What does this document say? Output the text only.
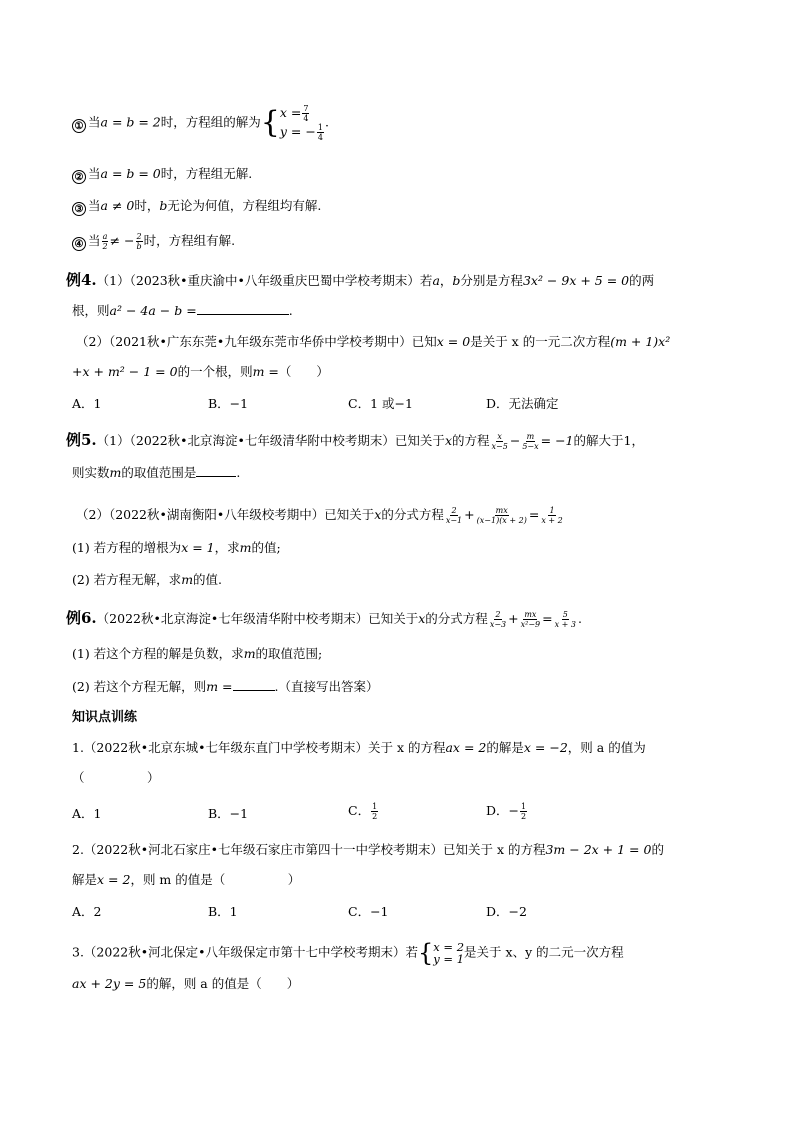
① 当a = b = 2时，方程组的解为{ $x = \frac{7}{4}$
y = − $\frac{1}{4}$
.
② 当a = b = 0时，方程组无解.
③ 当a ≠ 0时，b无论为何值，方程组均有解.
④ 当 $\frac{a}{2}$ ≠ − $\frac{2}{b}$ 时，方程组有解.
例4.（1）（2023秋•重庆渝中•八年级重庆巴蜀中学校考期末）若a，b分别是方程3x² − 9x + 5 = 0的两
根，则a² − 4a − b =	.
（2）（2021秋•广东东莞•九年级东莞市华侨中学校考期中）已知x = 0是关于 x 的一元二次方程(m + 1)x²
+x + m² − 1 = 0的一个根，则m =（　　）
A．1	B．−1	C．1 或−1	D．无法确定
例5.（1）（2022秋•北京海淀•七年级清华附中校考期末）已知关于x的方程 $\frac{x}{x-5} - \frac{m}{5-x} = -1$的解大于1，
则实数m的取值范围是	.
（2）（2022秋•湖南衡阳•八年级校考期中）已知关于x的分式方程 $\frac{2}{x-1} + \frac{mx}{(x-1)(x + 2)} = \frac{1}{x + 2}$
(1) 若方程的增根为x = 1，求m的值;
(2) 若方程无解，求m的值.
例6.（2022秋•北京海淀•七年级清华附中校考期末）已知关于x的分式方程 $\frac{2}{x-3} + \frac{mx}{\text{x²−9}} = \frac{5}{x + 3}$ .
(1) 若这个方程的解是负数，求m的取值范围;
(2) 若这个方程无解，则m =	.（直接写出答案）
知识点训练
1.（2022秋•北京东城•七年级东直门中学校考期末）关于 x 的方程ax = 2的解是x = −2，则 a 的值为
（　　　　　）
A．1	B．−1	C． $\frac{1}{2}$	D．− $\frac{1}{2}$
2.（2022秋•河北石家庄•七年级石家庄市第四十一中学校考期末）已知关于 x 的方程3m − 2x + 1 = 0的
解是x = 2，则 m 的值是（　　　　　）
A．2	B．1	C．−1	D．−2
3.（2022秋•河北保定•八年级保定市第十七中学校考期末）若{ x = 2
y = 1 是关于 x、y 的二元一次方程
ax + 2y = 5的解，则 a 的值是（　　）
